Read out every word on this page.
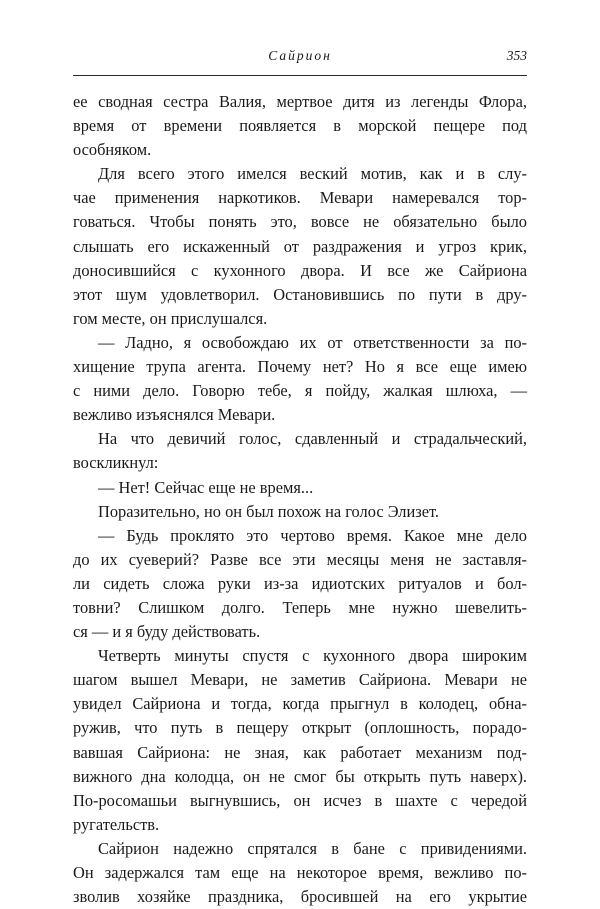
Сайрион	353
ее сводная сестра Валия, мертвое дитя из легенды Флора,
время от времени появляется в морской пещере под
особняком.
Для всего этого имелся веский мотив, как и в слу-
чае применения наркотиков. Мевари намеревался тор-
говаться. Чтобы понять это, вовсе не обязательно было
слышать его искаженный от раздражения и угроз крик,
доносившийся с кухонного двора. И все же Сайриона
этот шум удовлетворил. Остановившись по пути в дру-
гом месте, он прислушался.
— Ладно, я освобождаю их от ответственности за по-
хищение трупа агента. Почему нет? Но я все еще имею
с ними дело. Говорю тебе, я пойду, жалкая шлюха, —
вежливо изъяснялся Мевари.
На что девичий голос, сдавленный и страдальческий,
воскликнул:
— Нет! Сейчас еще не время...
Поразительно, но он был похож на голос Элизет.
— Будь проклято это чертово время. Какое мне дело
до их суеверий? Разве все эти месяцы меня не заставля-
ли сидеть сложа руки из-за идиотских ритуалов и бол-
товни? Слишком долго. Теперь мне нужно шевелить-
ся — и я буду действовать.
Четверть минуты спустя с кухонного двора широким
шагом вышел Мевари, не заметив Сайриона. Мевари не
увидел Сайриона и тогда, когда прыгнул в колодец, обна-
ружив, что путь в пещеру открыт (оплошность, порадо-
вавшая Сайриона: не зная, как работает механизм под-
вижного дна колодца, он не смог бы открыть путь наверх).
По-росомашьи выгнувшись, он исчез в шахте с чередой
ругательств.
Сайрион надежно спрятался в бане с привидениями.
Он задержался там еще на некоторое время, вежливо по-
зволив хозяйке праздника, бросившей на его укрытие
